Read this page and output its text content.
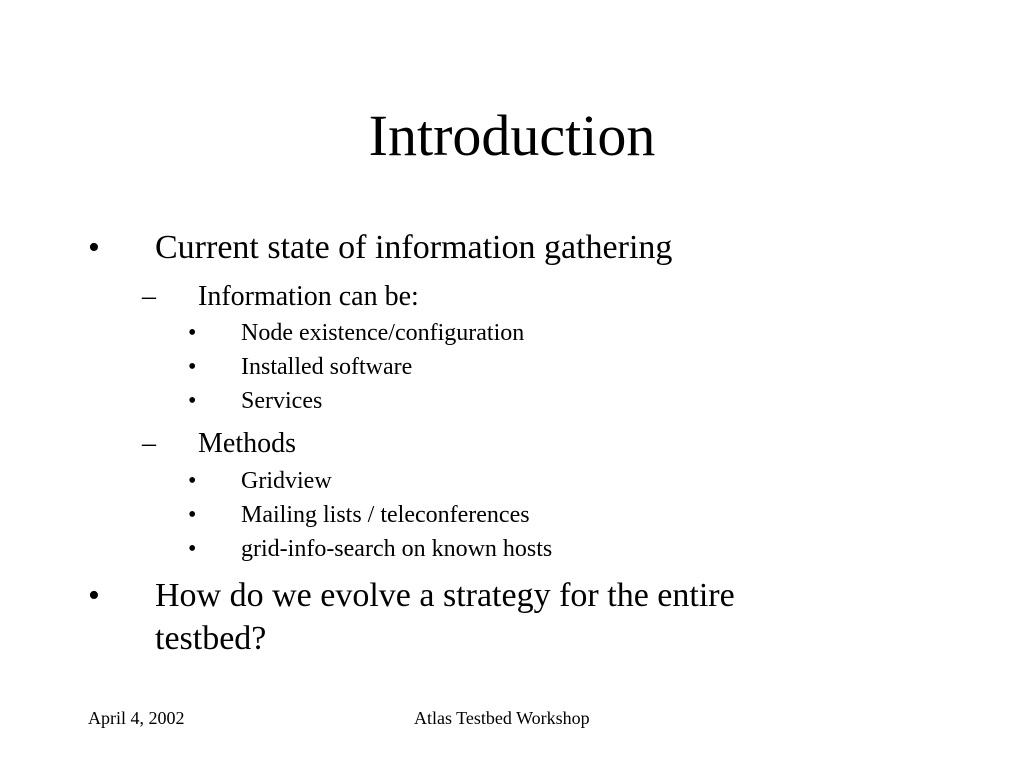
Introduction
• Current state of information gathering
– Information can be:
• Node existence/configuration
• Installed software
• Services
– Methods
• Gridview
• Mailing lists / teleconferences
• grid-info-search on known hosts
• How do we evolve a strategy for the entire
testbed?
April 4, 2002	Atlas Testbed Workshop
